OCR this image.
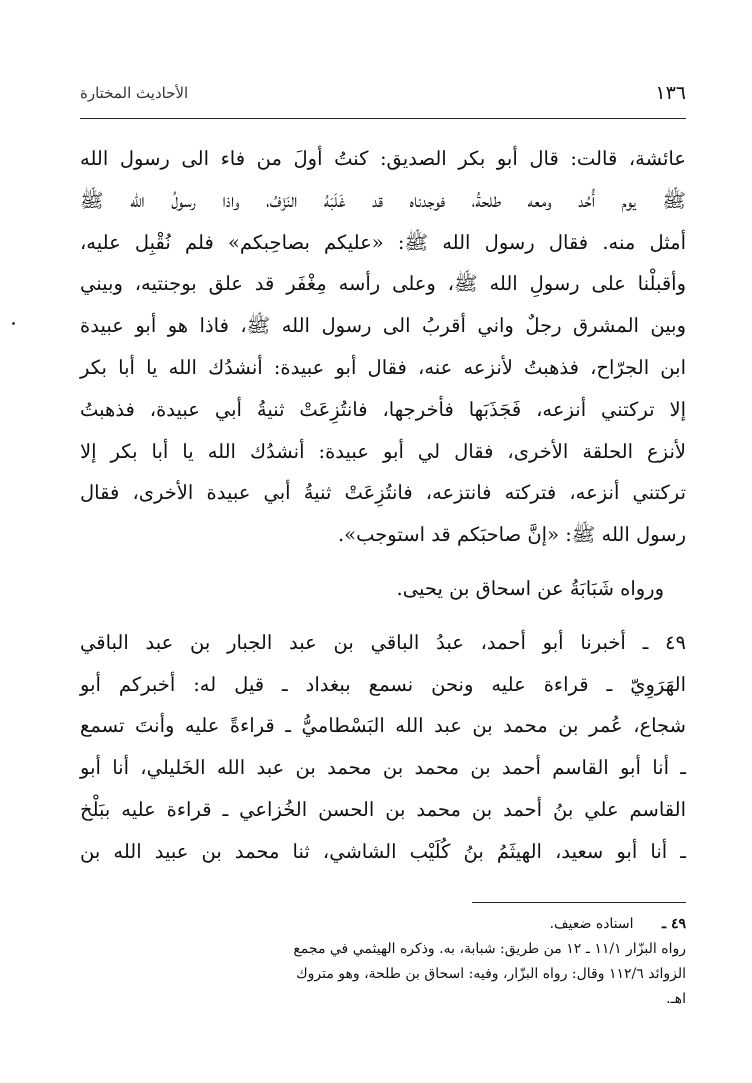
١٣٦
الأحاديث المختارة
عائشة، قالت: قال أبو بكر الصديق: كنتُ أولَ من فاء الى رسول الله
ﷺ يوم أُحُد ومعه طلحةُ، فوجدناه قد غَلَبَهُ النَزْفُ، واذا رسولُ الله ﷺ
أمثل منه. فقال رسول الله ﷺ: «عليكم بصاحِبكم» فلم نُقْبِل عليه،
وأقبلْنا على رسولِ الله ﷺ، وعلى رأسه مِغْفَر قد علق بوجنتيه، وبيني
وبين المشرق رجلٌ واني أقربُ الى رسول الله ﷺ، فاذا هو أبو عبيدة
ابن الجرّاح، فذهبتُ لأنزعه عنه، فقال أبو عبيدة: أنشدُك الله يا أبا بكر
إلا تركتني أنزعه، فَجَذَبَها فأخرجها، فانتُزِعَتْ ثنيةُ أبي عبيدة، فذهبتُ
لأنزع الحلقة الأخرى، فقال لي أبو عبيدة: أنشدُك الله يا أبا بكر إلا
تركتني أنزعه، فتركته فانتزعه، فانتُزِعَتْ ثنيةُ أبي عبيدة الأخرى، فقال
رسول الله ﷺ: «إنَّ صاحبَكم قد استوجب».
ورواه شَبَابَةُ عن اسحاق بن يحيى.
٤٩ ـ أخبرنا أبو أحمد، عبدُ الباقي بن عبد الجبار بن عبد الباقي
الهَرَوِيّ ـ قراءة عليه ونحن نسمع ببغداد ـ قيل له: أخبركم أبو
شجاع، عُمر بن محمد بن عبد الله البَسْطاميُّ ـ قراءةً عليه وأنتَ تسمع
ـ أنا أبو القاسم أحمد بن محمد بن محمد بن عبد الله الخَليلي، أنا أبو
القاسم علي بنُ أحمد بن محمد بن الحسن الخُزاعي ـ قراءة عليه ببَلْخ
ـ أنا أبو سعيد، الهيثَمُ بنُ كُلَيْب الشاشي، ثنا محمد بن عبيد الله بن
٤٩ ـ اسناده ضعيف.
رواه البزّار ١١/١ ـ ١٢ من طريق: شبابة، به. وذكره الهيثمي في مجمع
الزوائد ١١٢/٦ وقال: رواه البزّار، وفيه: اسحاق بن طلحة، وهو متروك
اهـ.
